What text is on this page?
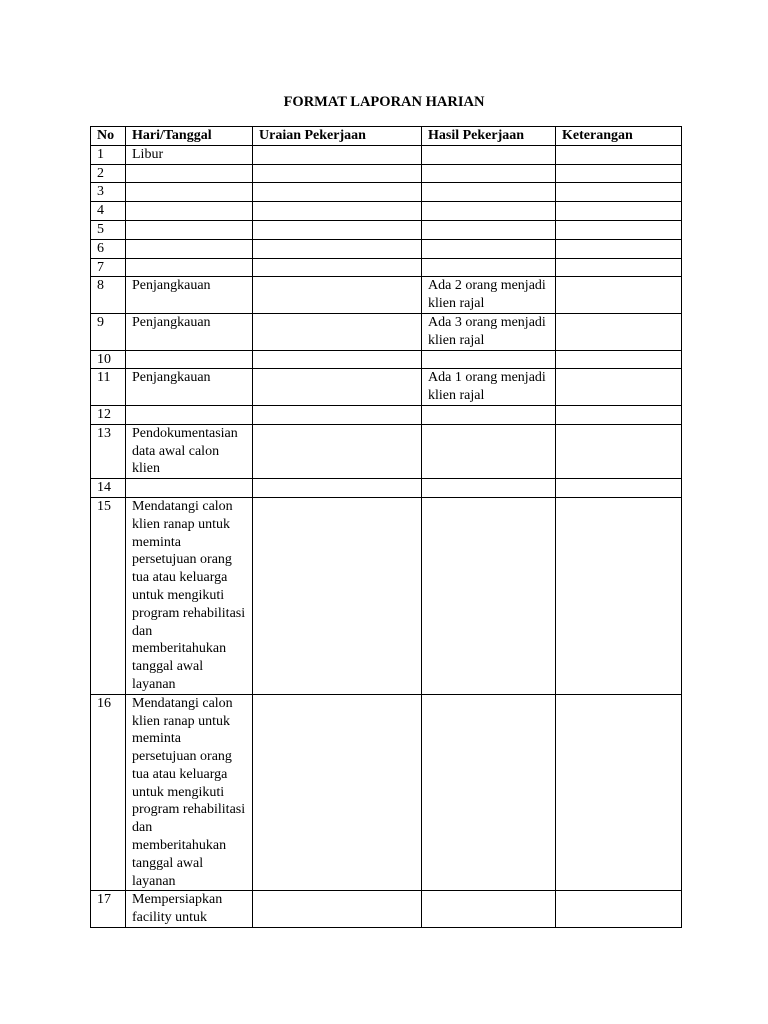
FORMAT LAPORAN HARIAN
No	Hari/Tanggal	Uraian Pekerjaan	Hasil Pekerjaan	Keterangan
1	Libur			
2				
3				
4				
5				
6				
7				
8	Penjangkauan		Ada 2 orang menjadi klien rajal	
9	Penjangkauan		Ada 3 orang menjadi klien rajal	
10				
11	Penjangkauan		Ada 1 orang menjadi klien rajal	
12				
13	Pendokumentasian data awal calon klien			
14				
15	Mendatangi calon klien ranap untuk meminta persetujuan orang tua atau keluarga untuk mengikuti program rehabilitasi dan memberitahukan tanggal awal layanan			
16	Mendatangi calon klien ranap untuk meminta persetujuan orang tua atau keluarga untuk mengikuti program rehabilitasi dan memberitahukan tanggal awal layanan			
17	Mempersiapkan facility untuk			
